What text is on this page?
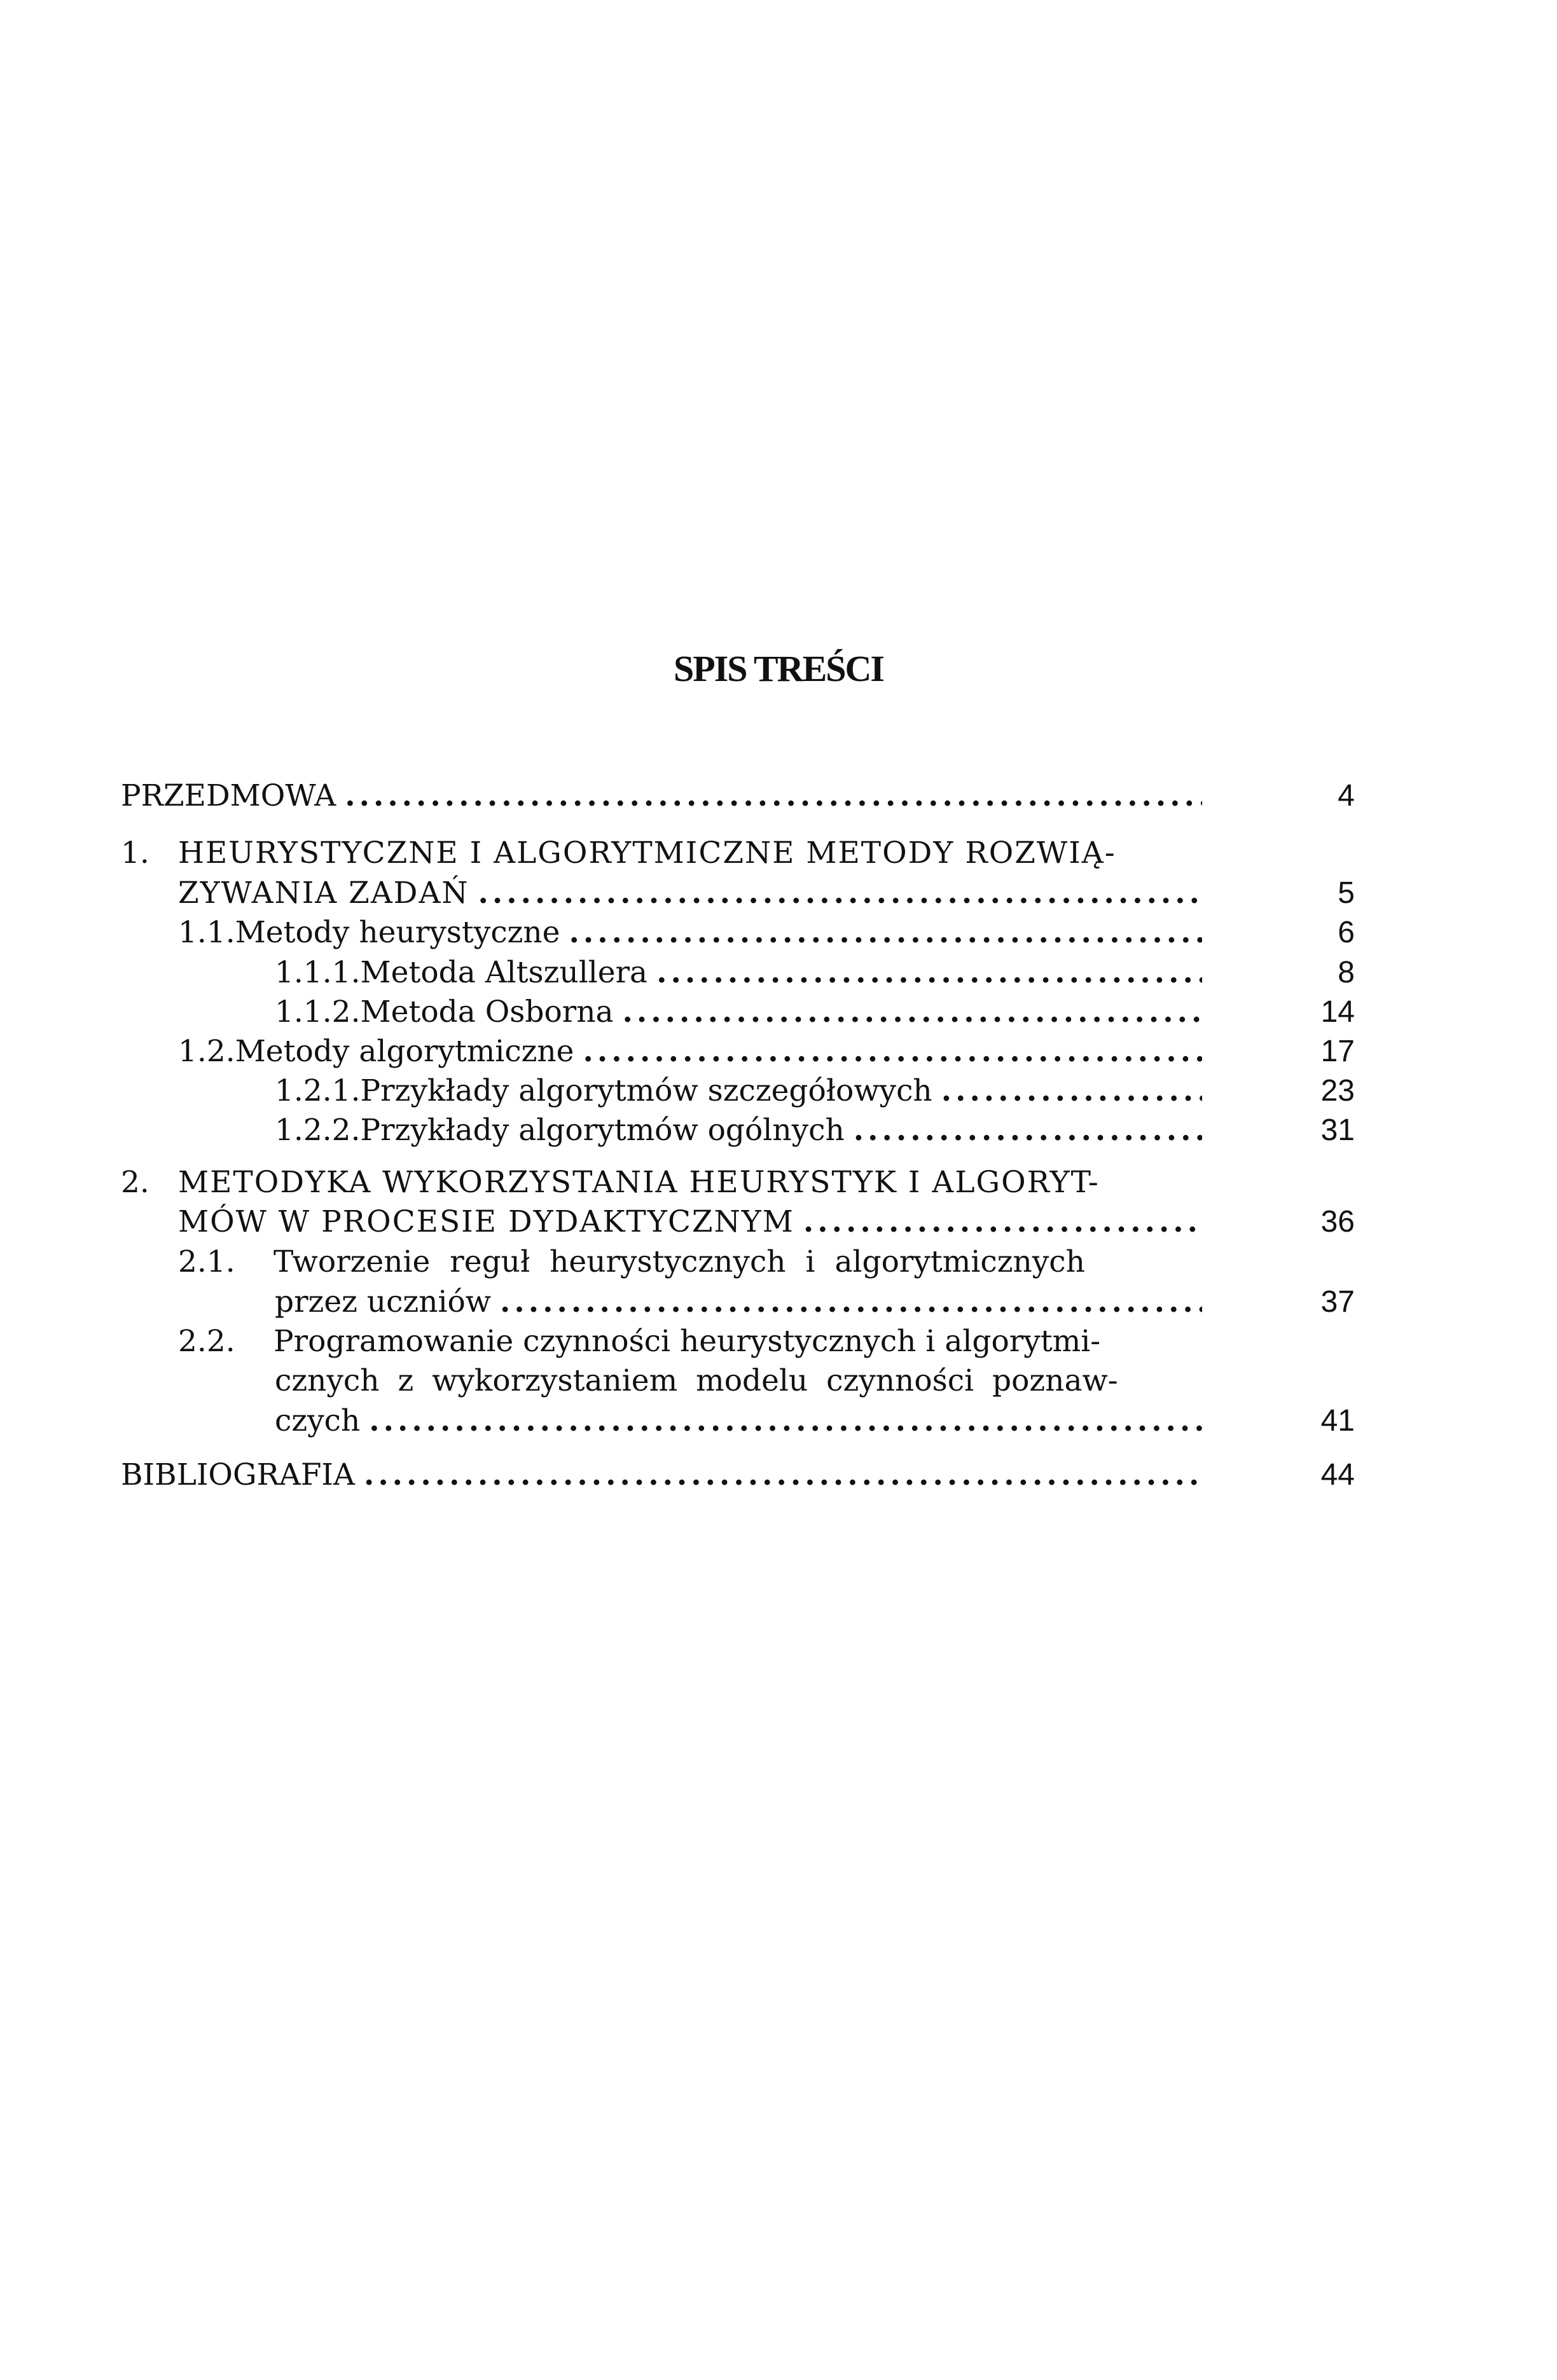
SPIS TREŚCI
PRZEDMOWA .....	4
1. HEURYSTYCZNE I ALGORYTMICZNE METODY ROZWIĄ-
ZYWANIA ZADAŃ .....	5
1.1. Metody heurystyczne .....	6
1.1.1. Metoda Altszullera .....	8
1.1.2. Metoda Osborna .....	14
1.2. Metody algorytmiczne .....	17
1.2.1. Przykłady algorytmów szczegółowych .....	23
1.2.2. Przykłady algorytmów ogólnych .....	31
2. METODYKA WYKORZYSTANIA HEURYSTYK I ALGORYT-
MÓW W PROCESIE DYDAKTYCZNYM .....	36
2.1.	Tworzenie reguł heurystycznych i algorytmicznych
przez uczniów .....	37
2.2.	Programowanie czynności heurystycznych i algorytmi-
cznych z wykorzystaniem modelu czynności poznaw-
czych .....	41
BIBLIOGRAFIA .....	44
